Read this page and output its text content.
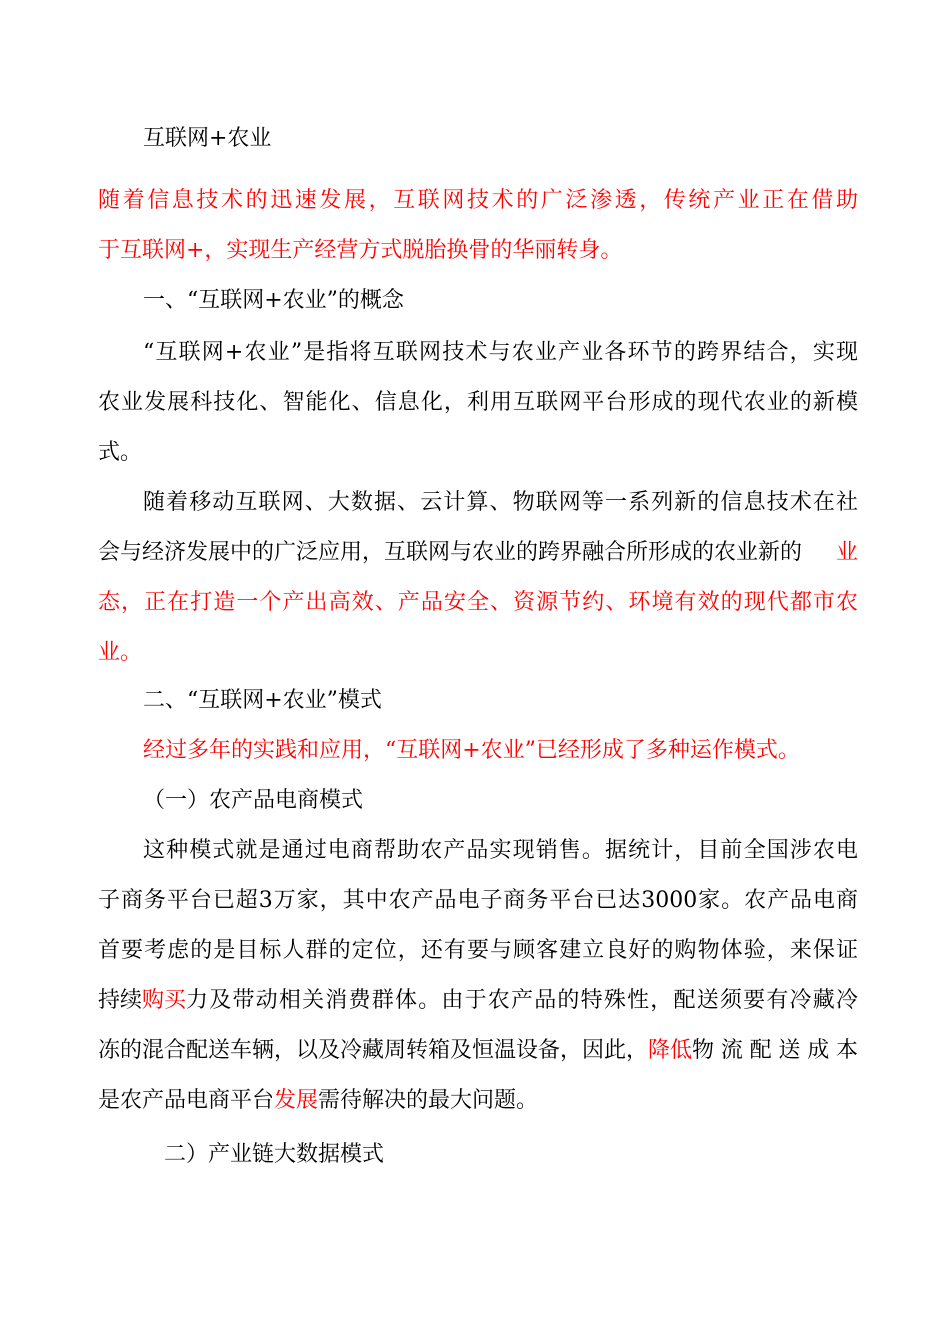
互联网+农业
随着信息技术的迅速发展，互联网技术的广泛渗透，传统产业正在借助
于互联网+，实现生产经营方式脱胎换骨的华丽转身。
一、“互联网+农业”的概念
“互联网+农业”是指将互联网技术与农业产业各环节的跨界结合，实现
农业发展科技化、智能化、信息化，利用互联网平台形成的现代农业的新模
式。
随着移动互联网、大数据、云计算、物联网等一系列新的信息技术在社
会与经济发展中的广泛应用，互联网与农业的跨界融合所形成的农业新的 业
态，正在打造一个产出高效、产品安全、资源节约、环境有效的现代都市农
业。
二、“互联网+农业”模式
经过多年的实践和应用，“互联网+农业”已经形成了多种运作模式。
（一）农产品电商模式
这种模式就是通过电商帮助农产品实现销售。据统计，目前全国涉农电
子商务平台已超3万家，其中农产品电子商务平台已达3000家。农产品电商
首要考虑的是目标人群的定位，还有要与顾客建立良好的购物体验，来保证
持续 购买 力及带动相关消费群体。由于农产品的特殊性，配送须要有冷藏冷
冻的混合配送车辆，以及冷藏周转箱及恒温设备，因此， 降低 物流配送成本
是农产品电商平台发展需待解决的最大问题。
二）产业链大数据模式
